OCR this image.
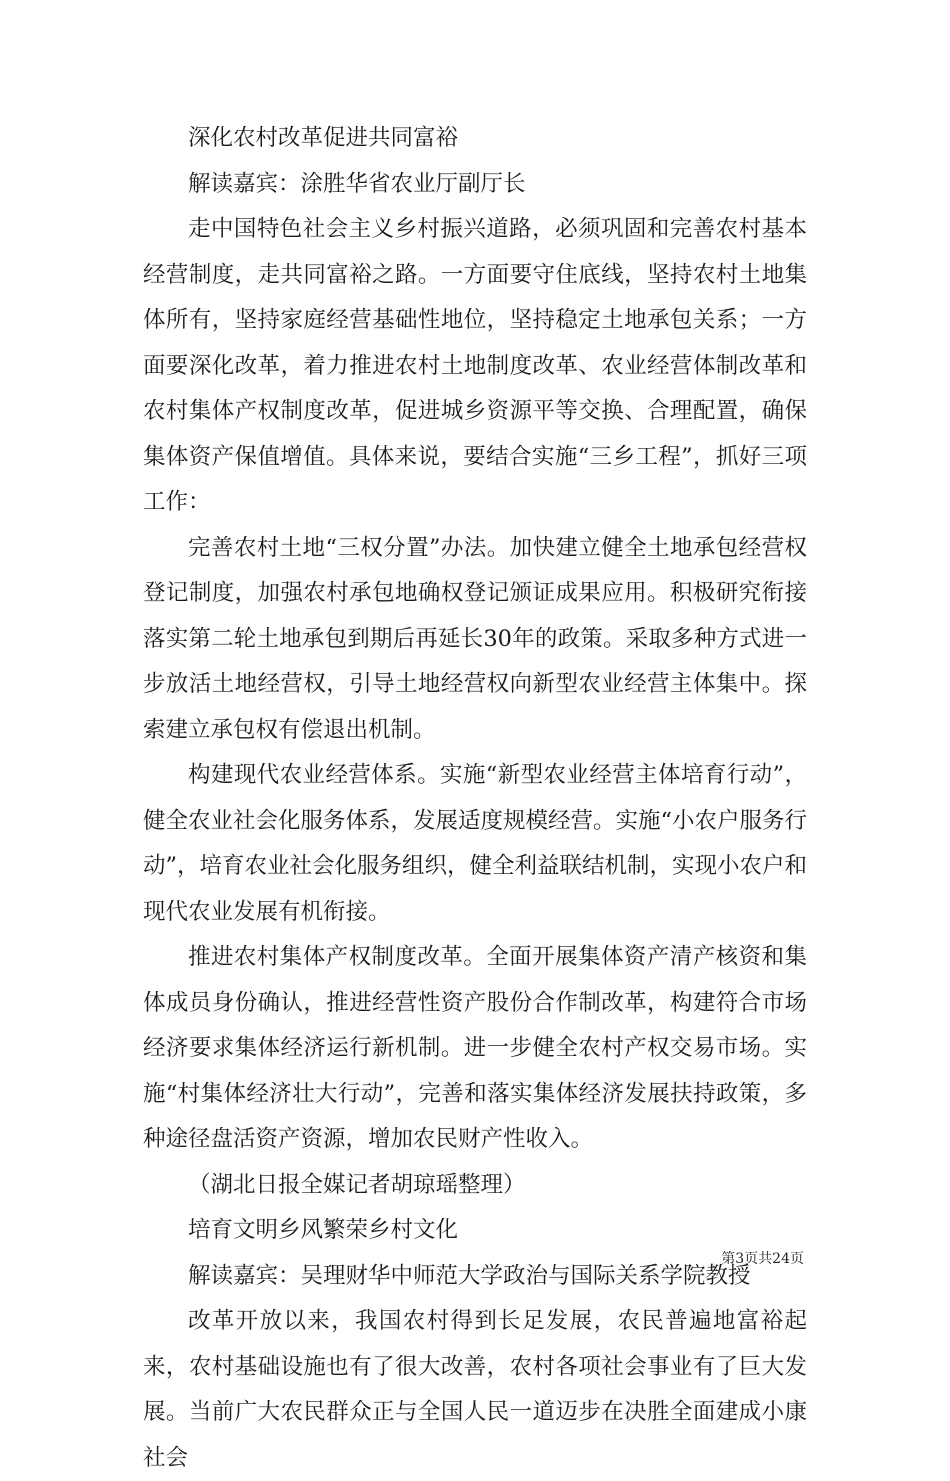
深化农村改革促进共同富裕

解读嘉宾：涂胜华省农业厅副厅长

走中国特色社会主义乡村振兴道路，必须巩固和完善农村基本经营制度，走共同富裕之路。一方面要守住底线，坚持农村土地集体所有，坚持家庭经营基础性地位，坚持稳定土地承包关系；一方面要深化改革，着力推进农村土地制度改革、农业经营体制改革和农村集体产权制度改革，促进城乡资源平等交换、合理配置，确保集体资产保值增值。具体来说，要结合实施“三乡工程”，抓好三项工作：

完善农村土地“三权分置”办法。加快建立健全土地承包经营权登记制度，加强农村承包地确权登记颁证成果应用。积极研究衔接落实第二轮土地承包到期后再延长30年的政策。采取多种方式进一步放活土地经营权，引导土地经营权向新型农业经营主体集中。探索建立承包权有偿退出机制。

构建现代农业经营体系。实施“新型农业经营主体培育行动”，健全农业社会化服务体系，发展适度规模经营。实施“小农户服务行动”，培育农业社会化服务组织，健全利益联结机制，实现小农户和现代农业发展有机衔接。

推进农村集体产权制度改革。全面开展集体资产清产核资和集体成员身份确认，推进经营性资产股份合作制改革，构建符合市场经济要求集体经济运行新机制。进一步健全农村产权交易市场。实施“村集体经济壮大行动”，完善和落实集体经济发展扶持政策，多种途径盘活资产资源，增加农民财产性收入。

（湖北日报全媒记者胡琼瑶整理）

培育文明乡风繁荣乡村文化

解读嘉宾：吴理财华中师范大学政治与国际关系学院教授

改革开放以来，我国农村得到长足发展，农民普遍地富裕起来，农村基础设施也有了很大改善，农村各项社会事业有了巨大发展。当前广大农民群众正与全国人民一道迈步在决胜全面建成小康社会

第3页共24页
